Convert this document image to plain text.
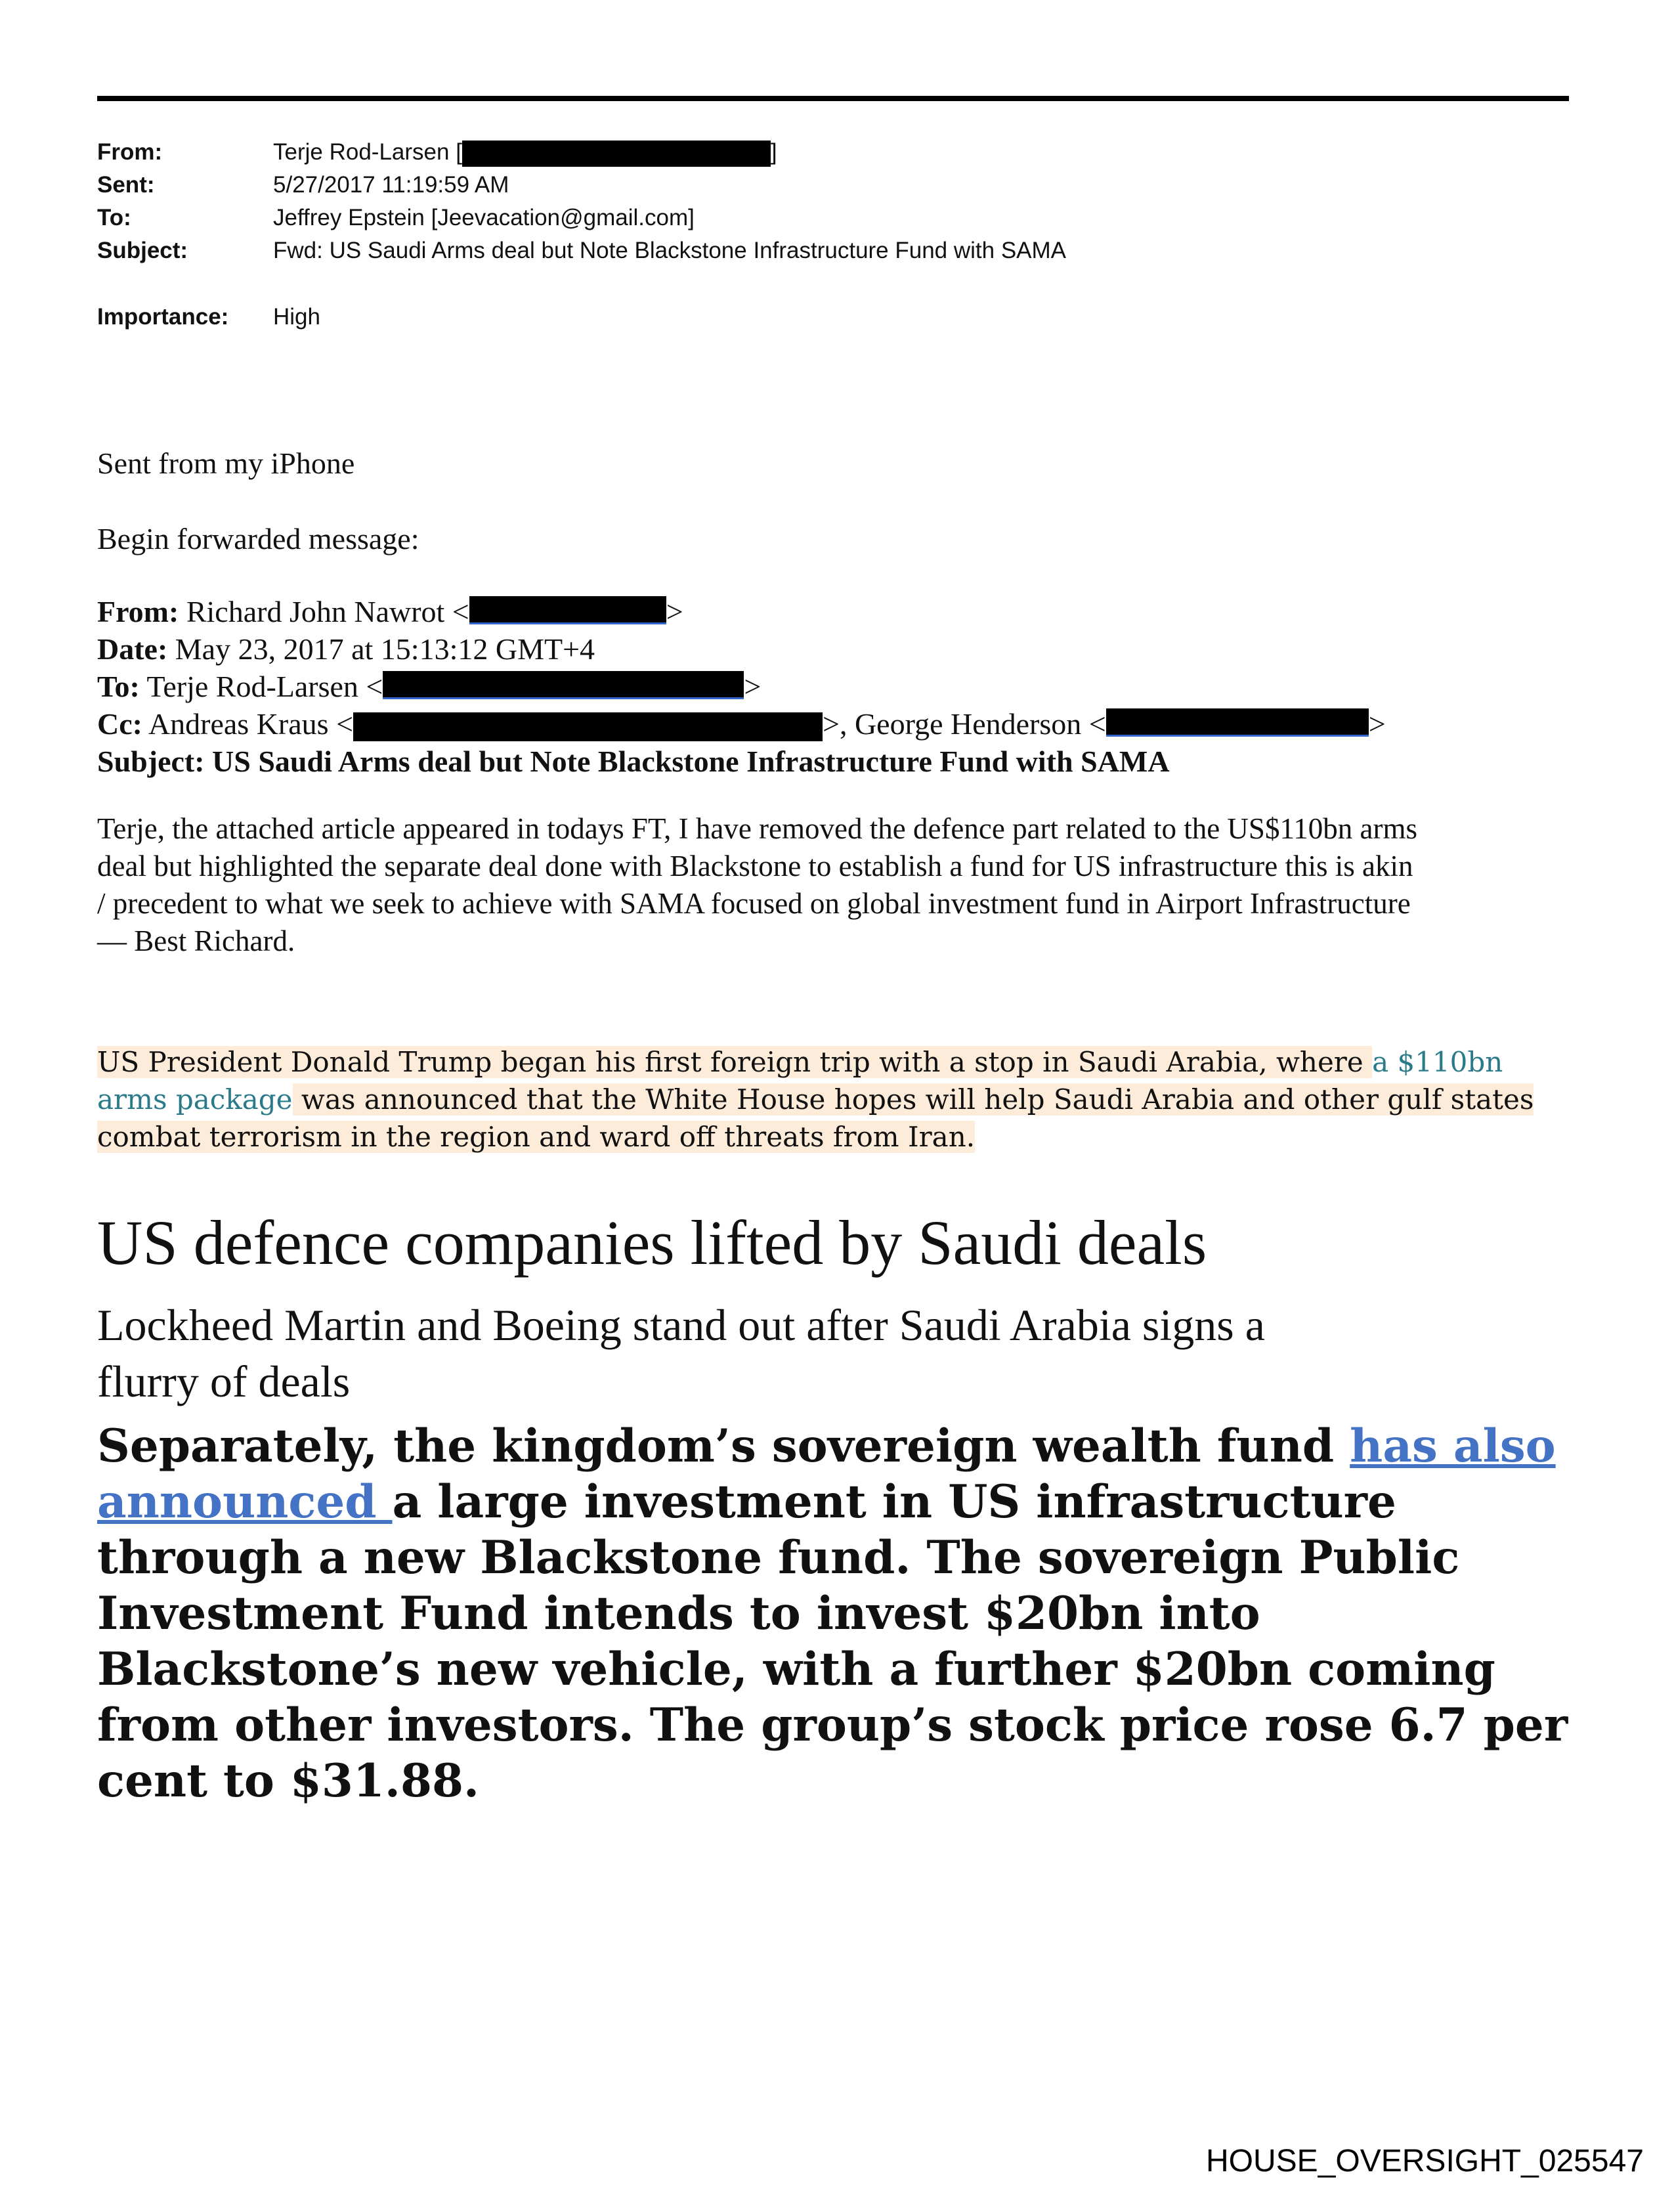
From:	Terje Rod-Larsen [	]
Sent:	5/27/2017 11:19:59 AM
To:	Jeffrey Epstein [Jeevacation@gmail.com]
Subject:	Fwd: US Saudi Arms deal but Note Blackstone Infrastructure Fund with SAMA
Importance: High
Sent from my iPhone
Begin forwarded message:
From: Richard John Nawrot <	>
Date: May 23, 2017 at 15:13:12 GMT+4
To: Terje Rod-Larsen <	>
Cc: Andreas Kraus <	>, George Henderson <	>
Subject: US Saudi Arms deal but Note Blackstone Infrastructure Fund with SAMA
Terje, the attached article appeared in todays FT, I have removed the defence part related to the US$110bn arms
deal but highlighted the separate deal done with Blackstone to establish a fund for US infrastructure this is akin
/ precedent to what we seek to achieve with SAMA focused on global investment fund in Airport Infrastructure
— Best Richard.
US President Donald Trump began his first foreign trip with a stop in Saudi Arabia, where a $110bn
arms package was announced that the White House hopes will help Saudi Arabia and other gulf states
combat terrorism in the region and ward off threats from Iran.
US defence companies lifted by Saudi deals
Lockheed Martin and Boeing stand out after Saudi Arabia signs a
flurry of deals
Separately, the kingdom’s sovereign wealth fund has also
announced a large investment in US infrastructure
through a new Blackstone fund. The sovereign Public
Investment Fund intends to invest $20bn into
Blackstone’s new vehicle, with a further $20bn coming
from other investors. The group’s stock price rose 6.7 per
cent to $31.88.
HOUSE_OVERSIGHT_025547
